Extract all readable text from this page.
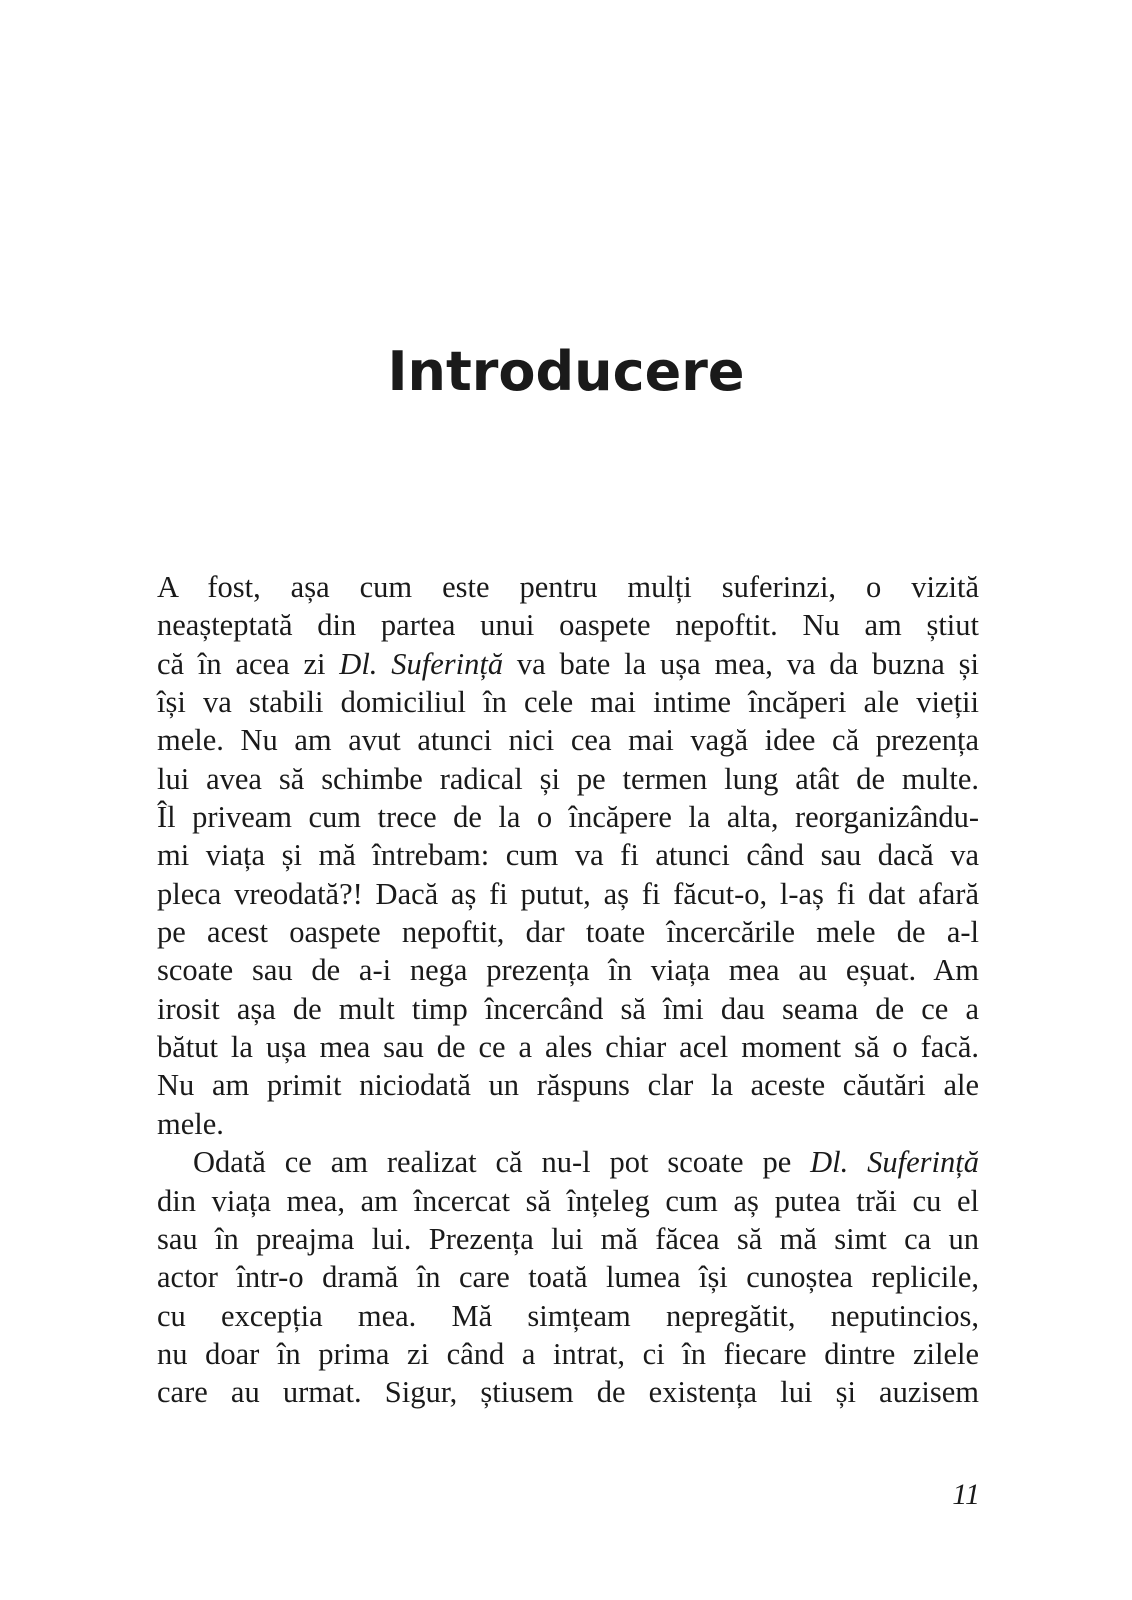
Introducere
A fost, așa cum este pentru mulți suferinzi, o vizită
neașteptată din partea unui oaspete nepoftit. Nu am știut
că în acea zi Dl. Suferință va bate la ușa mea, va da buzna și
își va stabili domiciliul în cele mai intime încăperi ale vieții
mele. Nu am avut atunci nici cea mai vagă idee că prezența
lui avea să schimbe radical și pe termen lung atât de multe.
Îl priveam cum trece de la o încăpere la alta, reorganizându-
mi viața și mă întrebam: cum va fi atunci când sau dacă va
pleca vreodată?! Dacă aș fi putut, aș fi făcut-o, l-aș fi dat afară
pe acest oaspete nepoftit, dar toate încercările mele de a-l
scoate sau de a-i nega prezența în viața mea au eșuat. Am
irosit așa de mult timp încercând să îmi dau seama de ce a
bătut la ușa mea sau de ce a ales chiar acel moment să o facă.
Nu am primit niciodată un răspuns clar la aceste căutări ale
mele.
Odată ce am realizat că nu-l pot scoate pe Dl. Suferință
din viața mea, am încercat să înțeleg cum aș putea trăi cu el
sau în preajma lui. Prezența lui mă făcea să mă simt ca un
actor într-o dramă în care toată lumea își cunoștea replicile,
cu excepția mea. Mă simțeam nepregătit, neputincios,
nu doar în prima zi când a intrat, ci în fiecare dintre zilele
care au urmat. Sigur, știusem de existența lui și auzisem
11
